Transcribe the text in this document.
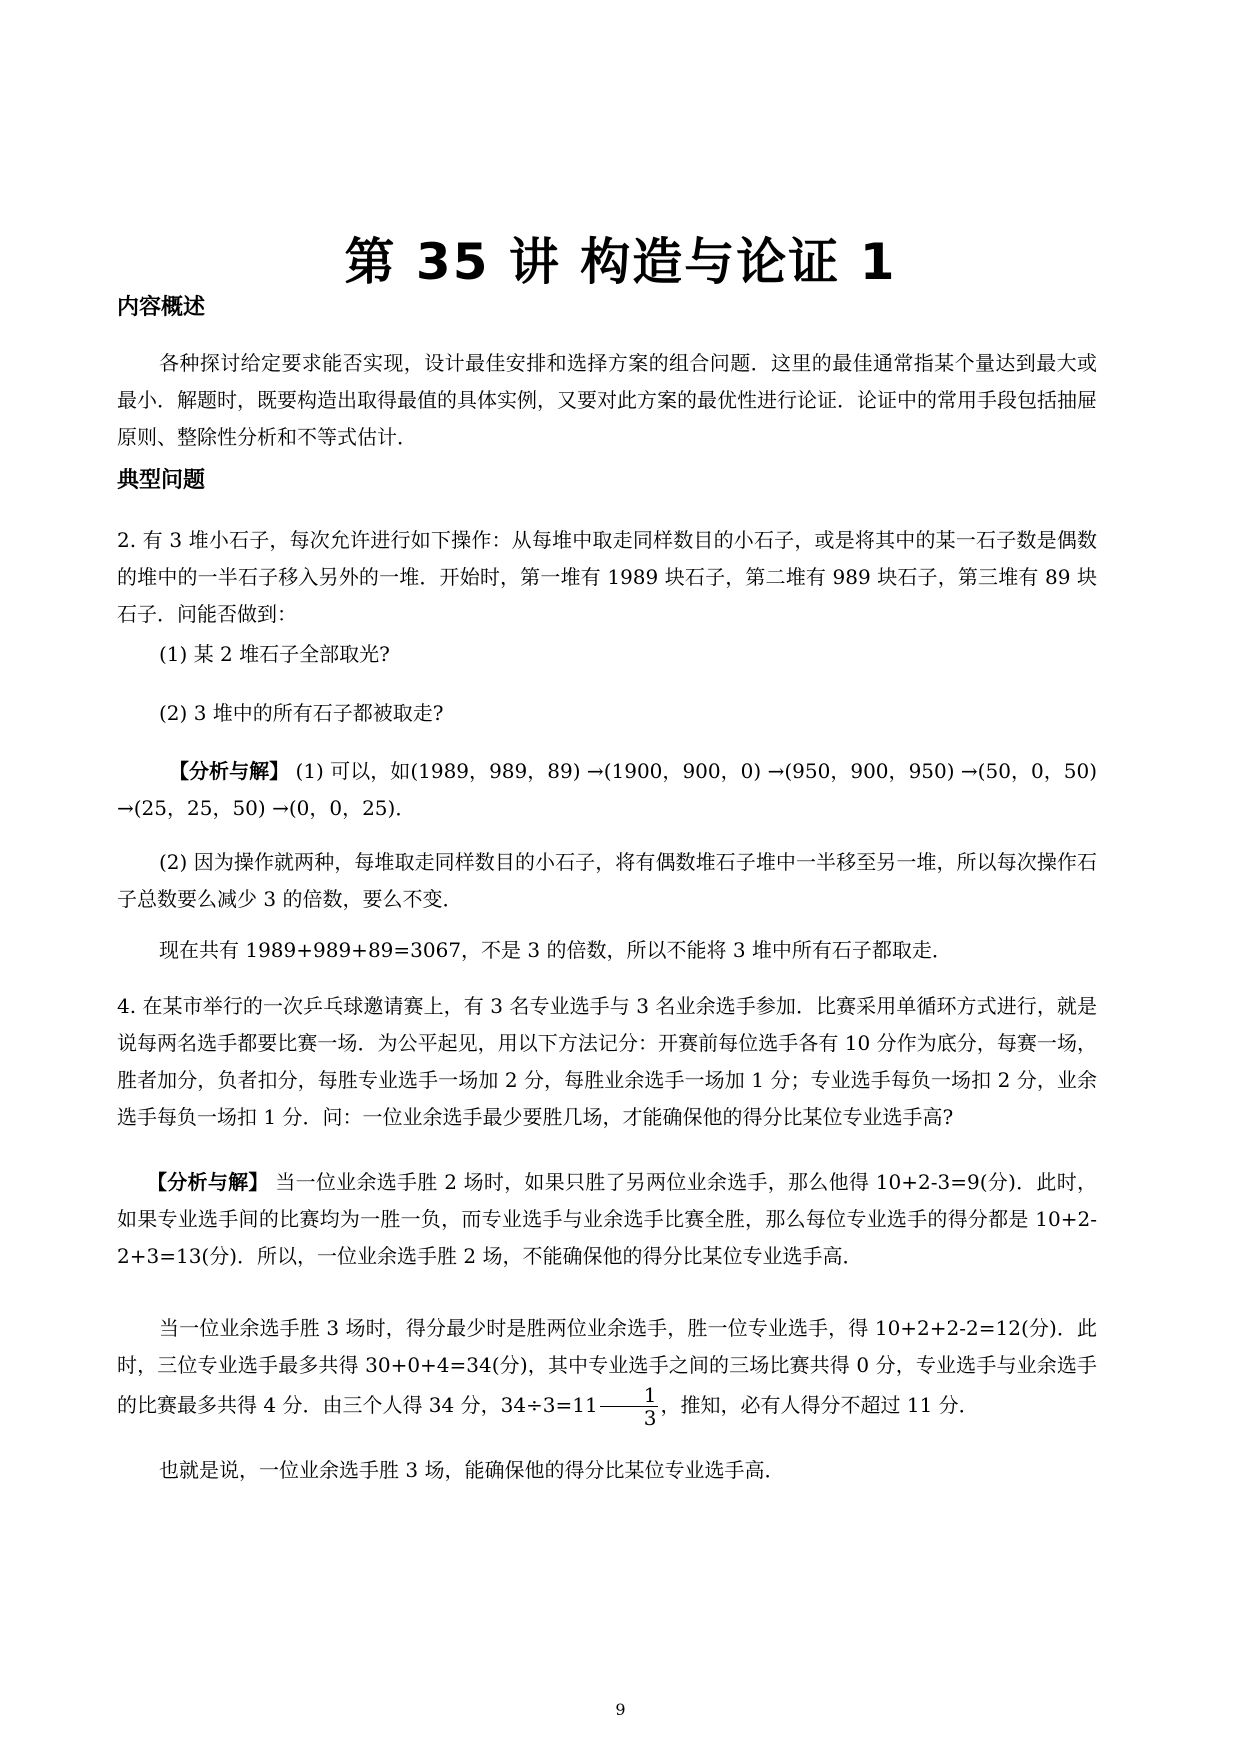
第 35 讲 构造与论证 1
内容概述
各种探讨给定要求能否实现，设计最佳安排和选择方案的组合问题．这里的最佳通常指某个量达到最大或最小．解题时，既要构造出取得最值的具体实例，又要对此方案的最优性进行论证．论证中的常用手段包括抽屉原则、整除性分析和不等式估计．
典型问题
2. 有 3 堆小石子，每次允许进行如下操作：从每堆中取走同样数目的小石子，或是将其中的某一石子数是偶数的堆中的一半石子移入另外的一堆．开始时，第一堆有 1989 块石子，第二堆有 989 块石子，第三堆有 89 块石子．问能否做到：
(1) 某 2 堆石子全部取光?
(2) 3 堆中的所有石子都被取走?
【分析与解】 (1) 可以，如(1989，989，89) →(1900，900，0) →(950，900，950) →(50，0，50) →(25，25，50) →(0，0，25)．
(2) 因为操作就两种，每堆取走同样数目的小石子，将有偶数堆石子堆中一半移至另一堆，所以每次操作石子总数要么减少 3 的倍数，要么不变．
现在共有 1989+989+89=3067，不是 3 的倍数，所以不能将 3 堆中所有石子都取走．
4. 在某市举行的一次乒乓球邀请赛上，有 3 名专业选手与 3 名业余选手参加．比赛采用单循环方式进行，就是说每两名选手都要比赛一场．为公平起见，用以下方法记分：开赛前每位选手各有 10 分作为底分，每赛一场，胜者加分，负者扣分，每胜专业选手一场加 2 分，每胜业余选手一场加 1 分；专业选手每负一场扣 2 分，业余选手每负一场扣 1 分．问：一位业余选手最少要胜几场，才能确保他的得分比某位专业选手高?
【分析与解】 当一位业余选手胜 2 场时，如果只胜了另两位业余选手，那么他得 10+2-3=9(分)．此时，如果专业选手间的比赛均为一胜一负，而专业选手与业余选手比赛全胜，那么每位专业选手的得分都是 10+2-2+3=13(分)．所以，一位业余选手胜 2 场，不能确保他的得分比某位专业选手高．
当一位业余选手胜 3 场时，得分最少时是胜两位业余选手，胜一位专业选手，得 10+2+2-2=12(分)．此时，三位专业选手最多共得 30+0+4=34(分)，其中专业选手之间的三场比赛共得 0 分，专业选手与业余选手的比赛最多共得 4 分．由三个人得 34 分，$34\div 3=11 \frac{1}{3}$ ，推知，必有人得分不超过 11 分．
也就是说，一位业余选手胜 3 场，能确保他的得分比某位专业选手高．
9
